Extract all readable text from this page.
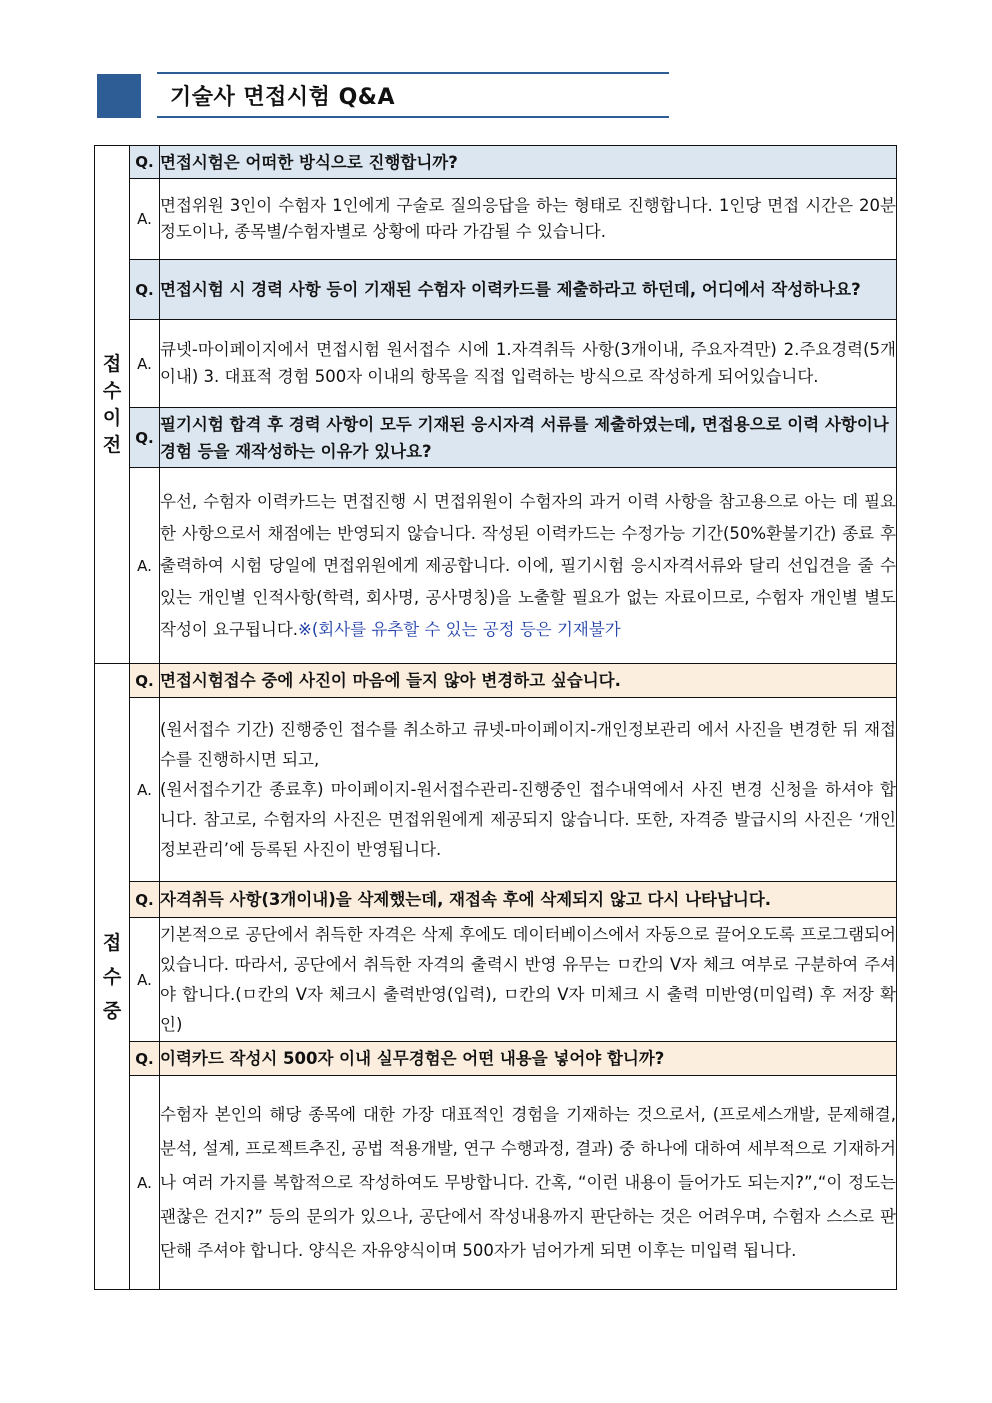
기술사 면접시험 Q&A
접수이전	Q.	면접시험은 어떠한 방식으로 진행합니까?
	A.	면접위원 3인이 수험자 1인에게 구술로 질의응답을 하는 형태로 진행합니다. 1인당 면접 시간은 20분 정도이나, 종목별/수험자별로 상황에 따라 가감될 수 있습니다.
	Q.	면접시험 시 경력 사항 등이 기재된 수험자 이력카드를 제출하라고 하던데, 어디에서 작성하나요?
	A.	큐넷-마이페이지에서 면접시험 원서접수 시에 1.자격취득 사항(3개이내, 주요자격만) 2.주요경력(5개이내) 3. 대표적 경험 500자 이내의 항목을 직접 입력하는 방식으로 작성하게 되어있습니다.
	Q.	필기시험 합격 후 경력 사항이 모두 기재된 응시자격 서류를 제출하였는데, 면접용으로 이력 사항이나 경험 등을 재작성하는 이유가 있나요?
	A.	우선, 수험자 이력카드는 면접진행 시 면접위원이 수험자의 과거 이력 사항을 참고용으로 아는 데 필요한 사항으로서 채점에는 반영되지 않습니다. 작성된 이력카드는 수정가능 기간(50%환불기간) 종료 후 출력하여 시험 당일에 면접위원에게 제공합니다. 이에, 필기시험 응시자격서류와 달리 선입견을 줄 수 있는 개인별 인적사항(학력, 회사명, 공사명칭)을 노출할 필요가 없는 자료이므로, 수험자 개인별 별도 작성이 요구됩니다.※(회사를 유추할 수 있는 공정 등은 기재불가
접수중	Q.	면접시험접수 중에 사진이 마음에 들지 않아 변경하고 싶습니다.
	A.	(원서접수 기간) 진행중인 접수를 취소하고 큐넷-마이페이지-개인정보관리 에서 사진을 변경한 뒤 재접수를 진행하시면 되고,
(원서접수기간 종료후) 마이페이지-원서접수관리-진행중인 접수내역에서 사진 변경 신청을 하셔야 합니다. 참고로, 수험자의 사진은 면접위원에게 제공되지 않습니다. 또한, 자격증 발급시의 사진은 ‘개인정보관리’에 등록된 사진이 반영됩니다.

	Q.	자격취득 사항(3개이내)을 삭제했는데, 재접속 후에 삭제되지 않고 다시 나타납니다.
	A.	기본적으로 공단에서 취득한 자격은 삭제 후에도 데이터베이스에서 자동으로 끌어오도록 프로그램되어 있습니다. 따라서, 공단에서 취득한 자격의 출력시 반영 유무는 ㅁ칸의 V자 체크 여부로 구분하여 주셔야 합니다.(ㅁ칸의 V자 체크시 출력반영(입력), ㅁ칸의 V자 미체크 시 출력 미반영(미입력) 후 저장 확인)
	Q.	이력카드 작성시 500자 이내 실무경험은 어떤 내용을 넣어야 합니까?
	A.	수험자 본인의 해당 종목에 대한 가장 대표적인 경험을 기재하는 것으로서, (프로세스개발, 문제해결, 분석, 설계, 프로젝트추진, 공법 적용개발, 연구 수행과정, 결과) 중 하나에 대하여 세부적으로 기재하거나 여러 가지를 복합적으로 작성하여도 무방합니다. 간혹, “이런 내용이 들어가도 되는지?”,“이 정도는 괜찮은 건지?” 등의 문의가 있으나, 공단에서 작성내용까지 판단하는 것은 어려우며, 수험자 스스로 판단해 주셔야 합니다. 양식은 자유양식이며 500자가 넘어가게 되면 이후는 미입력 됩니다.
